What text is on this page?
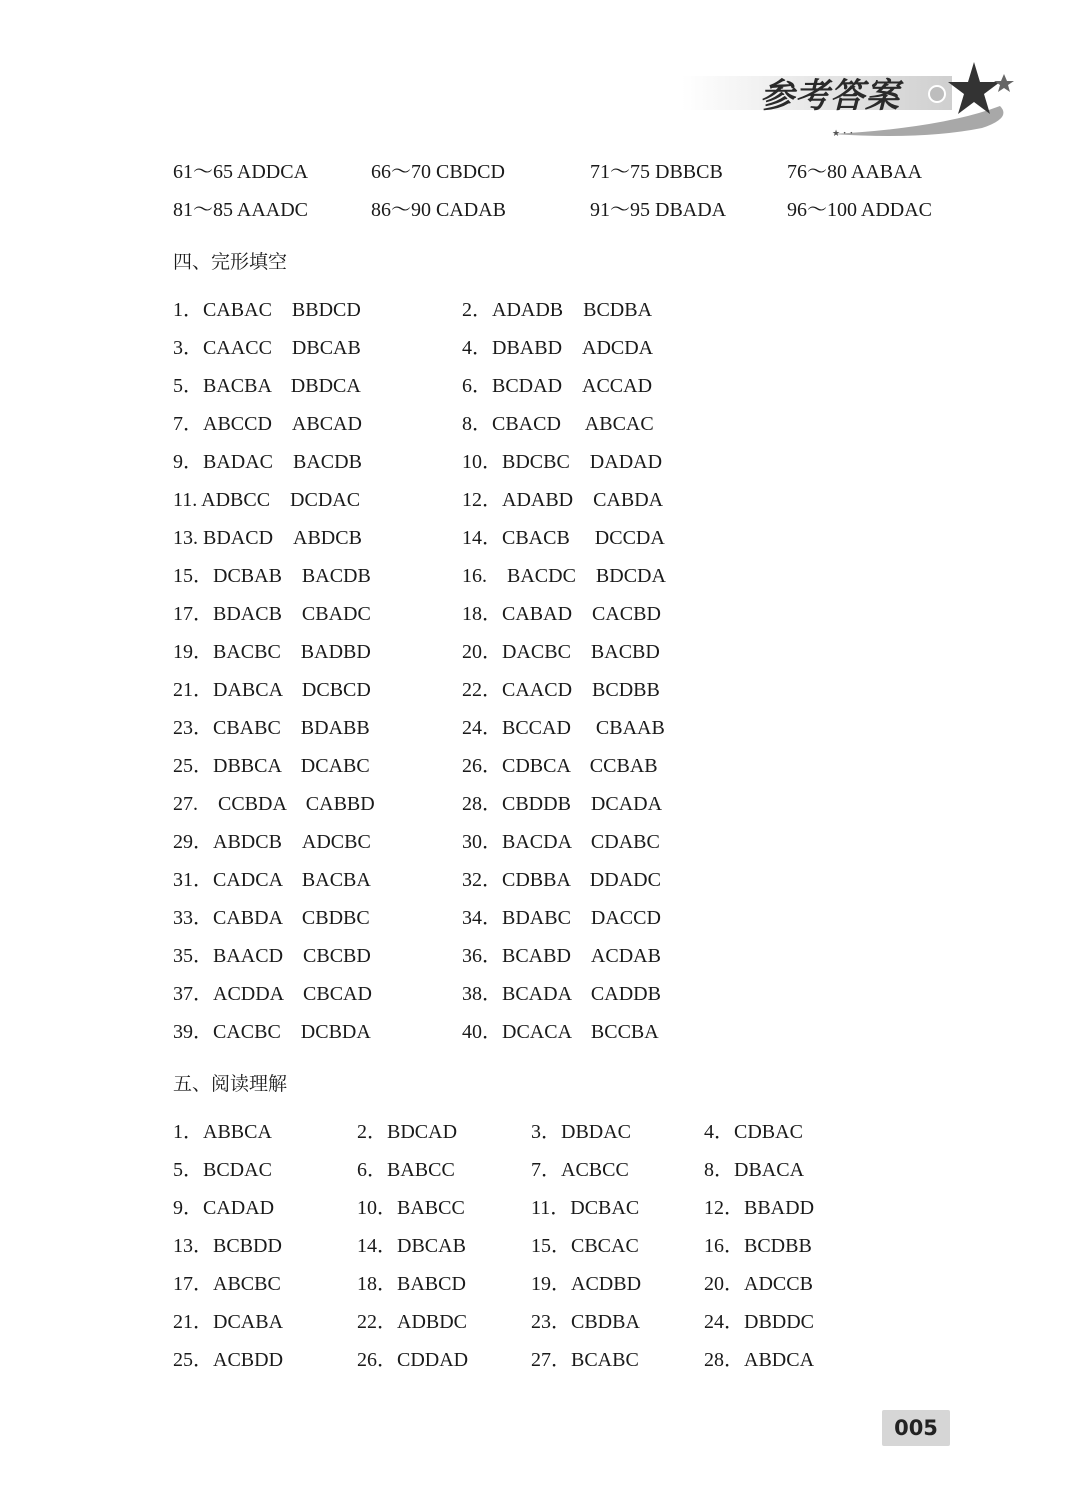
★ ･ ･
参考答案
61～65 ADDCA	66～70 CBDCD	71～75 DBBCB	76～80 AABAA
81～85 AAADC	86～90 CADAB	91～95 DBADA	96～100 ADDAC
四、完形填空
1．CABAC　BBDCD	2．ADADB　BCDBA
3．CAACC　DBCAB	4．DBABD　ADCDA
5．BACBA　DBDCA	6．BCDAD　ACCAD
7．ABCCD　ABCAD	8．CBACD　 ABCAC
9．BADAC　BACDB	10．BDCBC　DADAD
11. ADBCC　DCDAC	12．ADABD　CABDA
13. BDACD　ABDCB	14．CBACB　 DCCDA
15．DCBAB　BACDB	16.　BACDC　BDCDA
17．BDACB　CBADC	18．CABAD　CACBD
19．BACBC　BADBD	20．DACBC　BACBD
21．DABCA　DCBCD	22．CAACD　BCDBB
23．CBABC　BDABB	24．BCCAD　 CBAAB
25．DBBCA　DCABC	26．CDBCA　CCBAB
27.　CCBDA　CABBD	28．CBDDB　DCADA
29．ABDCB　ADCBC	30．BACDA　CDABC
31．CADCA　BACBA	32．CDBBA　DDADC
33．CABDA　CBDBC	34．BDABC　DACCD
35．BAACD　CBCBD	36．BCABD　ACDAB
37．ACDDA　CBCAD	38．BCADA　CADDB
39．CACBC　DCBDA	40．DCACA　BCCBA
五、阅读理解
1．ABBCA	2．BDCAD	3．DBDAC	4．CDBAC
5．BCDAC	6．BABCC	7．ACBCC	8．DBACA
9．CADAD	10．BABCC	11．DCBAC	12．BBADD
13．BCBDD	14．DBCAB	15．CBCAC	16．BCDBB
17．ABCBC	18．BABCD	19．ACDBD	20．ADCCB
21．DCABA	22．ADBDC	23．CBDBA	24．DBDDC
25．ACBDD	26．CDDAD	27．BCABC	28．ABDCA
005
